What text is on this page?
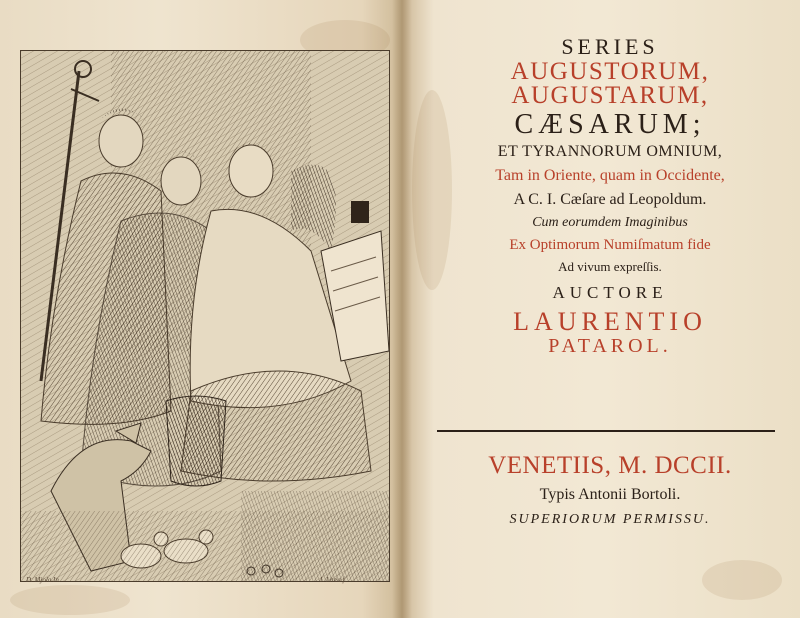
D. Mjola In.	I. Lirea f.
SERIES
AUGUSTORUM,
AUGUSTARUM,
CÆSARUM;
ET TYRANNORUM OMNIUM,
Tam in Oriente, quam in Occidente,
A C. I. Cæſare ad Leopoldum.
Cum eorumdem Imaginibus
Ex Optimorum Numiſmatum fide
Ad vivum expreſſis.
AUCTORE
LAURENTIO
PATAROL.
VENETIIS, M. DCCII.
Typis Antonii Bortoli.
SUPERIORUM PERMISSU.
